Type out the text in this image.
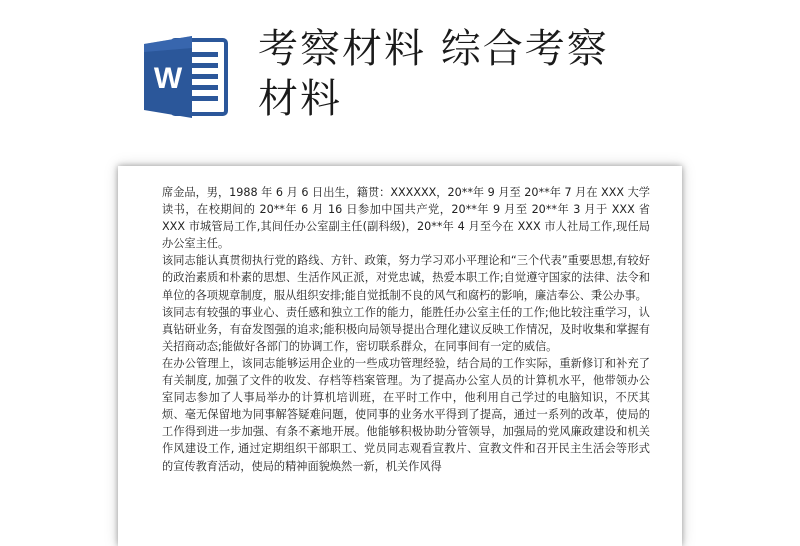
W
考察材料 综合考察
材料

席金品，男，1988 年 6 月 6 日出生，籍贯：XXXXXX，20**年 9 月至 20**年 7 月在 XXX 大学读书，在校期间的 20**年 6 月 16 日参加中国共产党，20**年 9 月至 20**年 3 月于 XXX 省 XXX 市城管局工作,其间任办公室副主任(副科级)，20**年 4 月至今在 XXX 市人社局工作,现任局办公室主任。

该同志能认真贯彻执行党的路线、方针、政策，努力学习邓小平理论和“三个代表”重要思想,有较好的政治素质和朴素的思想、生活作风正派，对党忠诚，热爱本职工作;自觉遵守国家的法律、法令和单位的各项规章制度，服从组织安排;能自觉抵制不良的风气和腐朽的影响，廉洁奉公、秉公办事。

该同志有较强的事业心、责任感和独立工作的能力，能胜任办公室主任的工作;他比较注重学习，认真钻研业务，有奋发图强的追求;能积极向局领导提出合理化建议反映工作情况，及时收集和掌握有关招商动态;能做好各部门的协调工作，密切联系群众，在同事间有一定的威信。

在办公管理上，该同志能够运用企业的一些成功管理经验，结合局的工作实际，重新修订和补充了有关制度, 加强了文件的收发、存档等档案管理。为了提高办公室人员的计算机水平，他带领办公室同志参加了人事局举办的计算机培训班，在平时工作中，他利用自己学过的电脑知识，不厌其烦、毫无保留地为同事解答疑难问题，使同事的业务水平得到了提高，通过一系列的改革，使局的工作得到进一步加强、有条不紊地开展。他能够积极协助分管领导，加强局的党风廉政建设和机关作风建设工作, 通过定期组织干部职工、党员同志观看宣教片、宣教文件和召开民主生活会等形式的宣传教育活动，使局的精神面貌焕然一新，机关作风得
